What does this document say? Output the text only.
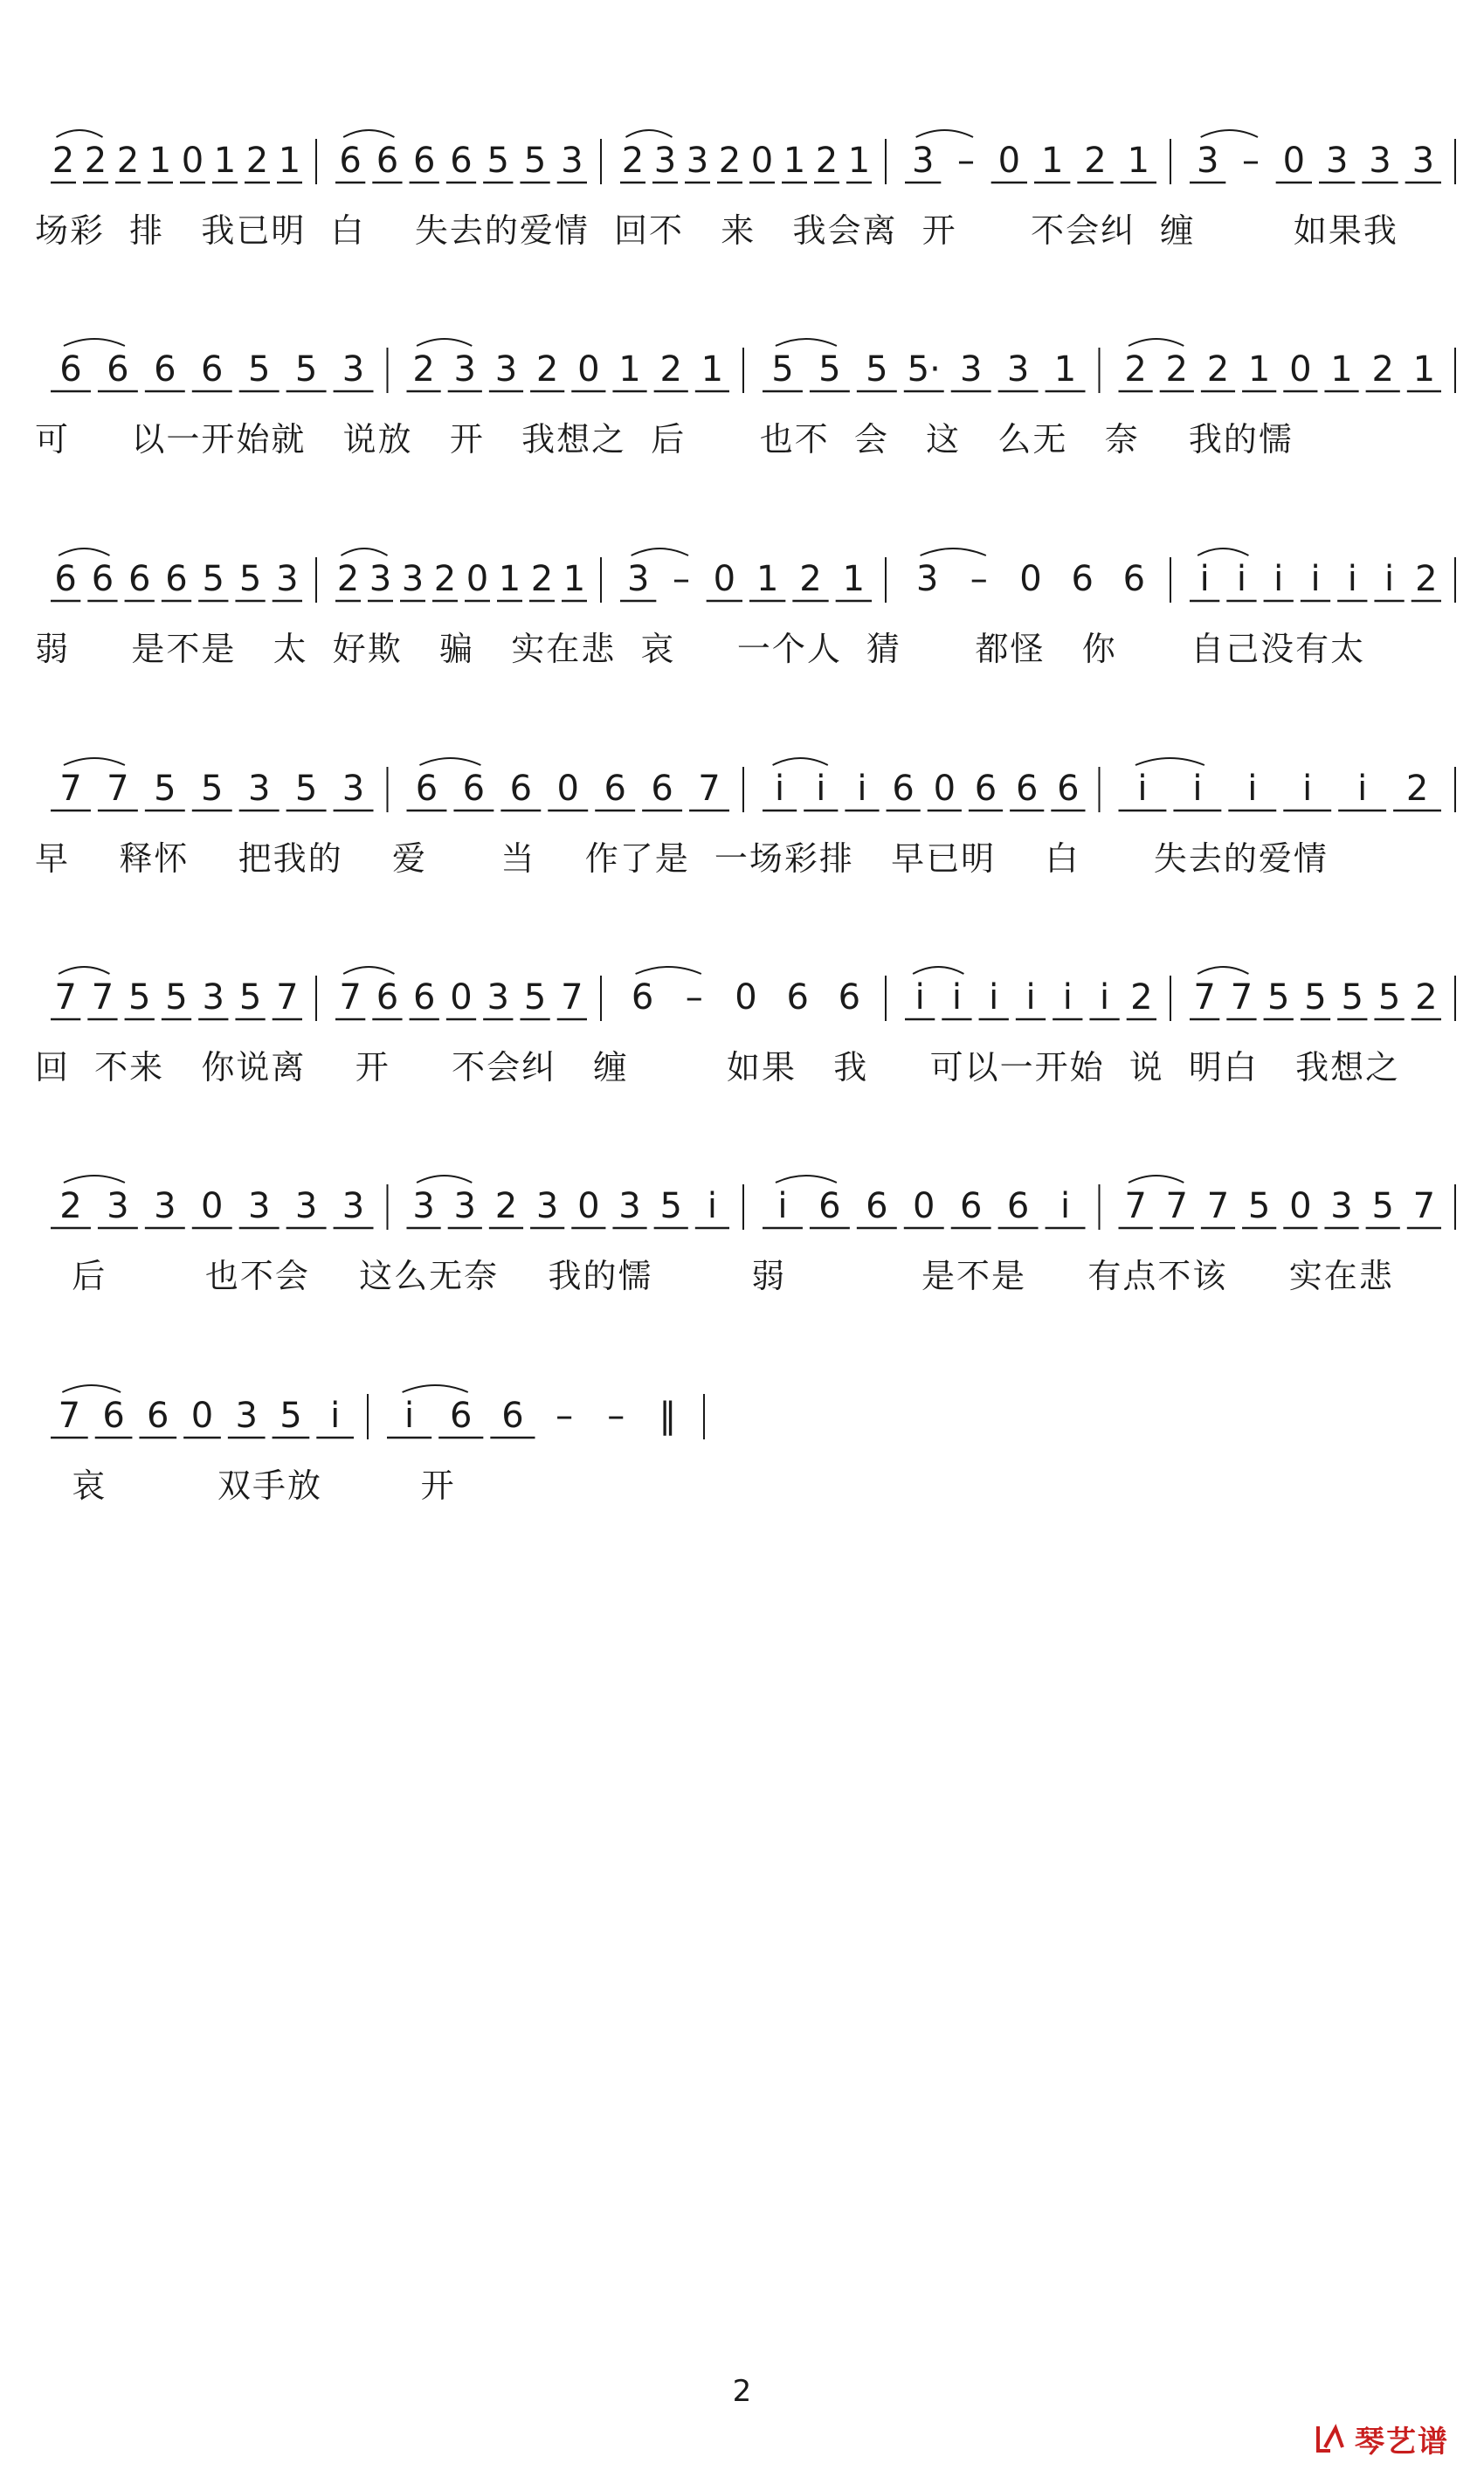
2 2 2 1 0 1 2 1 6 6 6 6 5 5 3 2 3 3 2 0 1 2 1 3 – 0 1 2 1 3 – 0 3 3 3
场彩  排   我已明  白    失去的爱情  回不   来   我会离  开      不会纠  缠        如果我
6 6 6 6 5 5 3 2 3 3 2 0 1 2 1 5 5 5 5· 3 3 1 2 2 2 1 0 1 2 1
可     以一开始就   说放   开   我想之  后      也不  会   这   么无   奈    我的懦
6 6 6 6 5 5 3 2 3 3 2 0 1 2 1 3 – 0 1 2 1 3 – 0 6 6 i i i i i i 2
弱     是不是   太  好欺   骗   实在悲  哀     一个人  猜      都怪   你      自己没有太
7 7 5 5 3 5 3 6 6 6 0 6 6 7 i i i 6 0 6 6 6 i i i i i 2
早    释怀    把我的    爱      当    作了是  一场彩排   早已明    白      失去的爱情
7 7 5 5 3 5 7 7 6 6 0 3 5 7 6 – 0 6 6 i i i i i i 2 7 7 5 5 5 5 2
回  不来   你说离    开     不会纠   缠        如果   我     可以一开始  说  明白   我想之
2 3 3 0 3 3 3 3 3 2 3 0 3 5 i i 6 6 0 6 6 i 7 7 7 5 0 3 5 7
后        也不会    这么无奈    我的懦        弱           是不是     有点不该     实在悲
7 6 6 0 3 5 i i 6 6 – – ‖
哀         双手放        开
2
琴艺谱
